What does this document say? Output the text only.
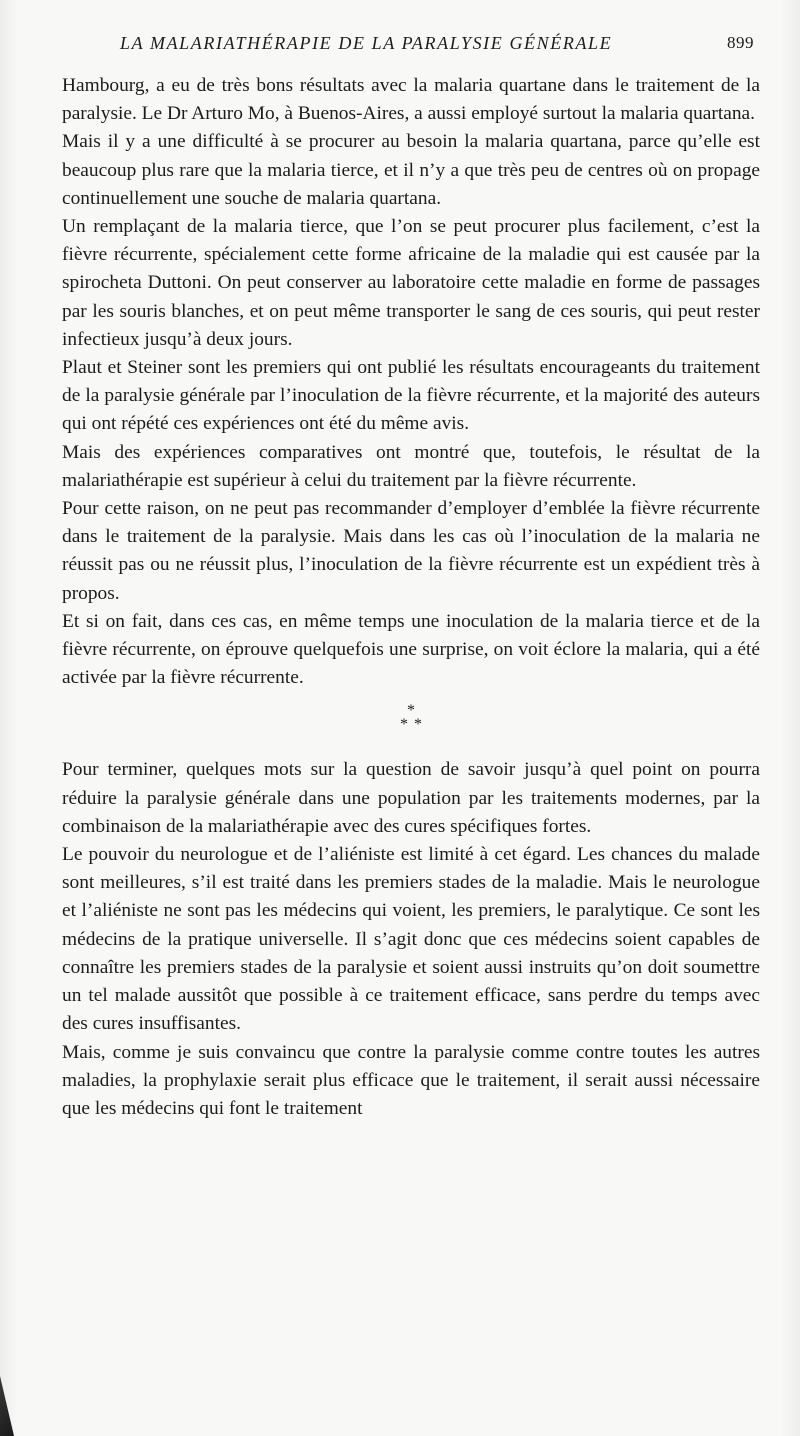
LA MALARIATHÉRAPIE DE LA PARALYSIE GÉNÉRALE	899

Hambourg, a eu de très bons résultats avec la malaria quartane dans le traitement de la paralysie. Le Dr Arturo Mo, à Buenos-Aires, a aussi employé surtout la malaria quartana.

Mais il y a une difficulté à se procurer au besoin la malaria quartana, parce qu’elle est beaucoup plus rare que la malaria tierce, et il n’y a que très peu de centres où on propage continuellement une souche de malaria quartana.

Un remplaçant de la malaria tierce, que l’on se peut procurer plus facilement, c’est la fièvre récurrente, spécialement cette forme africaine de la maladie qui est causée par la spirocheta Duttoni. On peut conserver au laboratoire cette maladie en forme de passages par les souris blanches, et on peut même transporter le sang de ces souris, qui peut rester infectieux jusqu’à deux jours.

Plaut et Steiner sont les premiers qui ont publié les résultats encourageants du traitement de la paralysie générale par l’inoculation de la fièvre récurrente, et la majorité des auteurs qui ont répété ces expériences ont été du même avis.

Mais des expériences comparatives ont montré que, toutefois, le résultat de la malariathérapie est supérieur à celui du traitement par la fièvre récurrente.

Pour cette raison, on ne peut pas recommander d’employer d’emblée la fièvre récurrente dans le traitement de la paralysie. Mais dans les cas où l’inoculation de la malaria ne réussit pas ou ne réussit plus, l’inoculation de la fièvre récurrente est un expédient très à propos.

Et si on fait, dans ces cas, en même temps une inoculation de la malaria tierce et de la fièvre récurrente, on éprouve quelquefois une surprise, on voit éclore la malaria, qui a été activée par la fièvre récurrente.

*
**

Pour terminer, quelques mots sur la question de savoir jusqu’à quel point on pourra réduire la paralysie générale dans une population par les traitements modernes, par la combinaison de la malariathérapie avec des cures spécifiques fortes.

Le pouvoir du neurologue et de l’aliéniste est limité à cet égard. Les chances du malade sont meilleures, s’il est traité dans les premiers stades de la maladie. Mais le neurologue et l’aliéniste ne sont pas les médecins qui voient, les premiers, le paralytique. Ce sont les médecins de la pratique universelle. Il s’agit donc que ces médecins soient capables de connaître les premiers stades de la paralysie et soient aussi instruits qu’on doit soumettre un tel malade aussitôt que possible à ce traitement efficace, sans perdre du temps avec des cures insuffisantes.

Mais, comme je suis convaincu que contre la paralysie comme contre toutes les autres maladies, la prophylaxie serait plus efficace que le traitement, il serait aussi nécessaire que les médecins qui font le traitement
